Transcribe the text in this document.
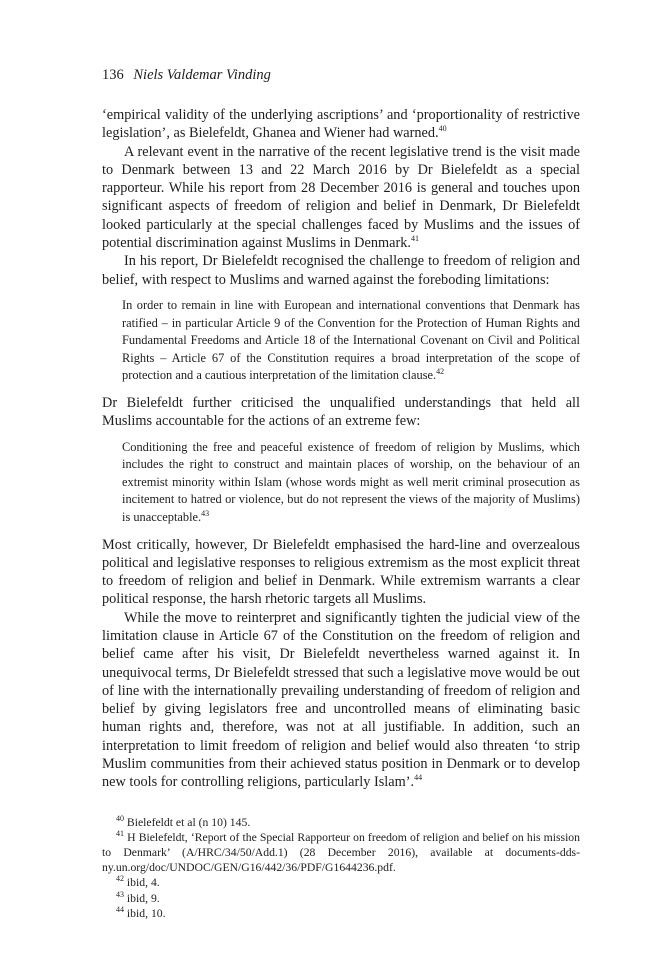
136 Niels Valdemar Vinding

‘empirical validity of the underlying ascriptions’ and ‘proportionality of restrictive legislation’, as Bielefeldt, Ghanea and Wiener had warned.$^{40}$

A relevant event in the narrative of the recent legislative trend is the visit made to Denmark between 13 and 22 March 2016 by Dr Bielefeldt as a special rapporteur. While his report from 28 December 2016 is general and touches upon significant aspects of freedom of religion and belief in Denmark, Dr Bielefeldt looked particularly at the special challenges faced by Muslims and the issues of potential discrimination against Muslims in Denmark.$^{41}$

In his report, Dr Bielefeldt recognised the challenge to freedom of religion and belief, with respect to Muslims and warned against the foreboding limitations:

In order to remain in line with European and international conventions that Denmark has ratified – in particular Article 9 of the Convention for the Protection of Human Rights and Fundamental Freedoms and Article 18 of the International Covenant on Civil and Political Rights – Article 67 of the Constitution requires a broad interpretation of the scope of protection and a cautious interpretation of the limitation clause.$^{42}$

Dr Bielefeldt further criticised the unqualified understandings that held all Muslims accountable for the actions of an extreme few:

Conditioning the free and peaceful existence of freedom of religion by Muslims, which includes the right to construct and maintain places of worship, on the behaviour of an extremist minority within Islam (whose words might as well merit criminal prosecution as incitement to hatred or violence, but do not represent the views of the majority of Muslims) is unacceptable.$^{43}$

Most critically, however, Dr Bielefeldt emphasised the hard-line and overzealous political and legislative responses to religious extremism as the most explicit threat to freedom of religion and belief in Denmark. While extremism warrants a clear political response, the harsh rhetoric targets all Muslims.

While the move to reinterpret and significantly tighten the judicial view of the limitation clause in Article 67 of the Constitution on the freedom of religion and belief came after his visit, Dr Bielefeldt nevertheless warned against it. In unequivocal terms, Dr Bielefeldt stressed that such a legislative move would be out of line with the internationally prevailing understanding of freedom of religion and belief by giving legislators free and uncontrolled means of eliminating basic human rights and, therefore, was not at all justifiable. In addition, such an interpretation to limit freedom of religion and belief would also threaten ‘to strip Muslim communities from their achieved status position in Denmark or to develop new tools for controlling religions, particularly Islam’.$^{44}$

$^{40}$ Bielefeldt et al (n 10) 145.

$^{41}$ H Bielefeldt, ‘Report of the Special Rapporteur on freedom of religion and belief on his mission to Denmark’ (A/HRC/34/50/Add.1) (28 December 2016), available at documents-dds-ny.un.org/doc/UNDOC/GEN/G16/442/36/PDF/G1644236.pdf.

$^{42}$ ibid, 4.

$^{43}$ ibid, 9.

$^{44}$ ibid, 10.
